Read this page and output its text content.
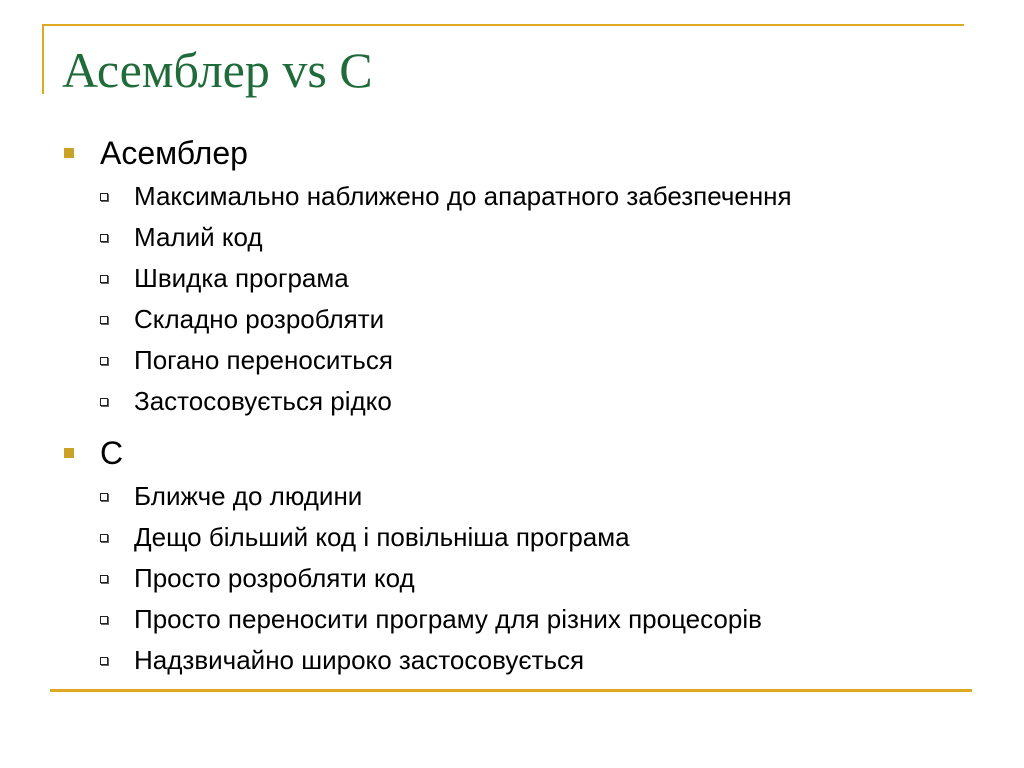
Асемблер vs C
Асемблер
Максимально наближено до апаратного забезпечення
Малий код
Швидка програма
Складно розробляти
Погано переноситься
Застосовується рідко
C
Ближче до людини
Дещо більший код і повільніша програма
Просто розробляти код
Просто переносити програму для різних процесорів
Надзвичайно широко застосовується
